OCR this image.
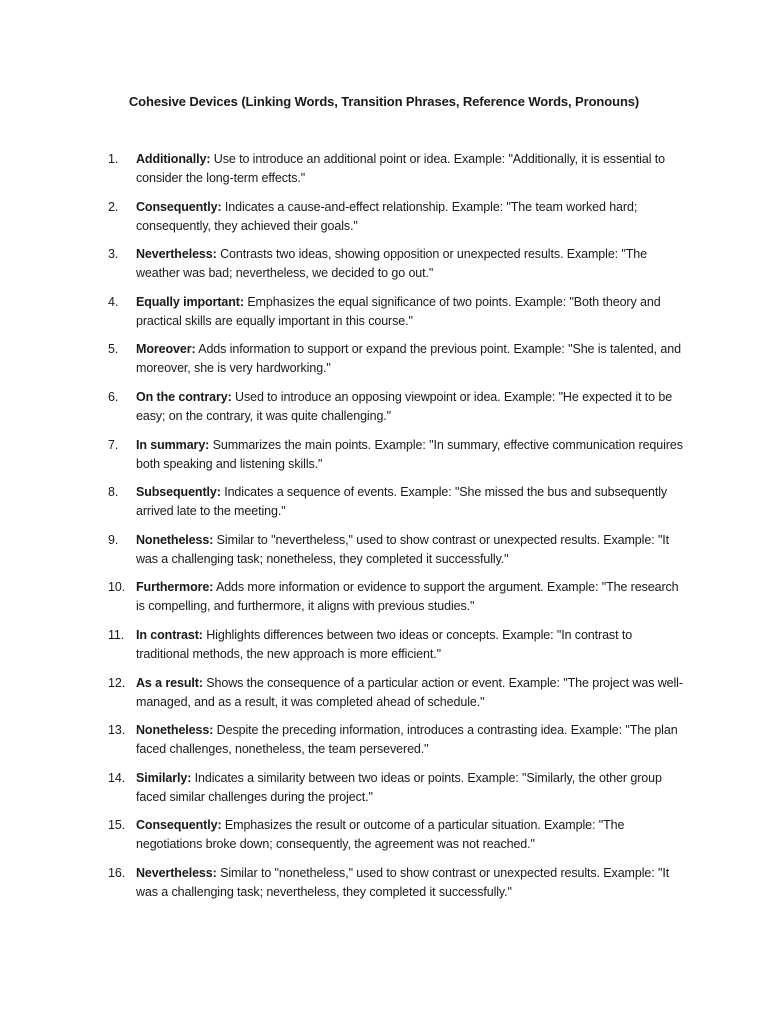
Cohesive Devices (Linking Words, Transition Phrases, Reference Words, Pronouns)
1.	Additionally: Use to introduce an additional point or idea. Example: "Additionally, it is essential to consider the long-term effects."
2.	Consequently: Indicates a cause-and-effect relationship. Example: "The team worked hard; consequently, they achieved their goals."
3.	Nevertheless: Contrasts two ideas, showing opposition or unexpected results. Example: "The weather was bad; nevertheless, we decided to go out."
4.	Equally important: Emphasizes the equal significance of two points. Example: "Both theory and practical skills are equally important in this course."
5.	Moreover: Adds information to support or expand the previous point. Example: "She is talented, and moreover, she is very hardworking."
6.	On the contrary: Used to introduce an opposing viewpoint or idea. Example: "He expected it to be easy; on the contrary, it was quite challenging."
7.	In summary: Summarizes the main points. Example: "In summary, effective communication requires both speaking and listening skills."
8.	Subsequently: Indicates a sequence of events. Example: "She missed the bus and subsequently arrived late to the meeting."
9.	Nonetheless: Similar to "nevertheless," used to show contrast or unexpected results. Example: "It was a challenging task; nonetheless, they completed it successfully."
10. Furthermore: Adds more information or evidence to support the argument. Example: "The research is compelling, and furthermore, it aligns with previous studies."
11. In contrast: Highlights differences between two ideas or concepts. Example: "In contrast to traditional methods, the new approach is more efficient."
12. As a result: Shows the consequence of a particular action or event. Example: "The project was well-managed, and as a result, it was completed ahead of schedule."
13. Nonetheless: Despite the preceding information, introduces a contrasting idea. Example: "The plan faced challenges, nonetheless, the team persevered."
14. Similarly: Indicates a similarity between two ideas or points. Example: "Similarly, the other group faced similar challenges during the project."
15. Consequently: Emphasizes the result or outcome of a particular situation. Example: "The negotiations broke down; consequently, the agreement was not reached."
16. Nevertheless: Similar to "nonetheless," used to show contrast or unexpected results. Example: "It was a challenging task; nevertheless, they completed it successfully."
